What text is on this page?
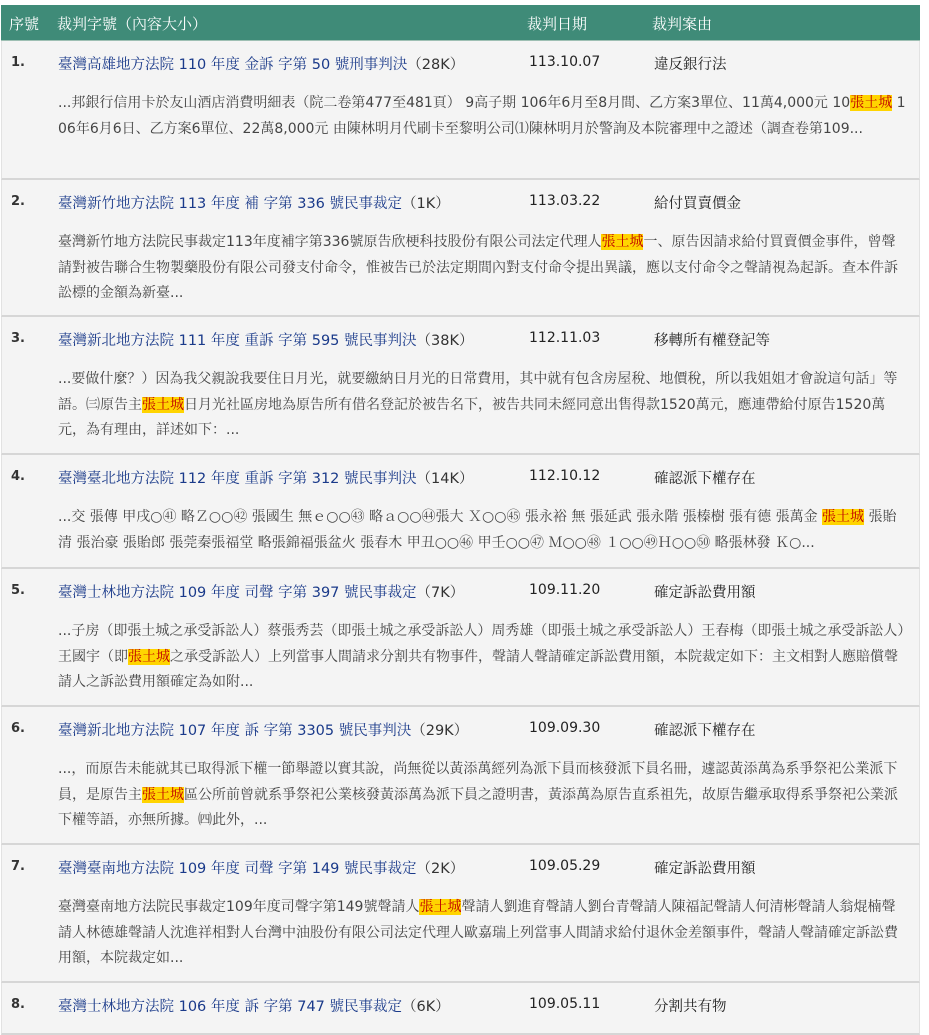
序號 裁判字號（內容大小）	裁判日期	裁判案由
1. 臺灣高雄地方法院 110 年度 金訴 字第 50 號刑事判決（28K）	113.10.07	違反銀行法
...邦銀行信用卡於友山酒店消費明細表（院二卷第477至481頁） 9高子期 106年6月至8月間、乙方案3單位、11萬4,000元 10張土城 106年6月6日、乙方案6單位、22萬8,000元 由陳林明月代刷卡至黎明公司⑴陳林明月於警詢及本院審理中之證述（調查卷第109...
2. 臺灣新竹地方法院 113 年度 補 字第 336 號民事裁定（1K）	113.03.22	給付買賣價金
臺灣新竹地方法院民事裁定113年度補字第336號原告欣梗科技股份有限公司法定代理人張土城一、原告因請求給付買賣價金事件，曾聲請對被告聯合生物製藥股份有限公司發支付命令，惟被告已於法定期間內對支付命令提出異議，應以支付命令之聲請視為起訴。查本件訴訟標的金額為新臺...
3. 臺灣新北地方法院 111 年度 重訴 字第 595 號民事判決（38K）	112.11.03	移轉所有權登記等
...要做什麼？）因為我父親說我要住日月光，就要繳納日月光的日常費用，其中就有包含房屋稅、地價稅，所以我姐姐才會說這句話」等語。㈢原告主張土城日月光社區房地為原告所有借名登記於被告名下，被告共同未經同意出售得款1520萬元，應連帶給付原告1520萬元，為有理由，詳述如下：...
4. 臺灣臺北地方法院 112 年度 重訴 字第 312 號民事判決（14K）	112.10.12	確認派下權存在
...交 張傳 甲戌○㊶ 略Ｚ○○㊷ 張國生 無ｅ○○㊸ 略ａ○○㊹張大 Ｘ○○㊺ 張永裕 無 張延武 張永階 張榛樹 張有德 張萬金 張土城 張貽清 張治豪 張貽郎 張莞秦張福堂 略張錦福張盆火 張春木 甲丑○○㊻ 甲壬○○㊼ Ｍ○○㊽ １○○㊾Ｈ○○㊿ 略張林發 Ｋ○...
5. 臺灣士林地方法院 109 年度 司聲 字第 397 號民事裁定（7K）	109.11.20	確定訴訟費用額
...子房（即張土城之承受訴訟人）蔡張秀芸（即張土城之承受訴訟人）周秀雄（即張土城之承受訴訟人）王春梅（即張土城之承受訴訟人）王國宇（即張土城之承受訴訟人）上列當事人間請求分割共有物事件，聲請人聲請確定訴訟費用額，本院裁定如下：主文相對人應賠償聲請人之訴訟費用額確定為如附...
6. 臺灣新北地方法院 107 年度 訴 字第 3305 號民事判決（29K）	109.09.30	確認派下權存在
...，而原告未能就其已取得派下權一節舉證以實其說，尚無從以黃添萬經列為派下員而核發派下員名冊，遽認黃添萬為系爭祭祀公業派下員，是原告主張土城區公所前曾就系爭祭祀公業核發黃添萬為派下員之證明書，黃添萬為原告直系祖先，故原告繼承取得系爭祭祀公業派下權等語，亦無所據。㈣此外，...
7. 臺灣臺南地方法院 109 年度 司聲 字第 149 號民事裁定（2K）	109.05.29	確定訴訟費用額
臺灣臺南地方法院民事裁定109年度司聲字第149號聲請人張土城聲請人劉進育聲請人劉台青聲請人陳福記聲請人何清彬聲請人翁焜楠聲請人林德雄聲請人沈進祥相對人台灣中油股份有限公司法定代理人歐嘉瑞上列當事人間請求給付退休金差額事件，聲請人聲請確定訴訟費用額，本院裁定如...
8. 臺灣士林地方法院 106 年度 訴 字第 747 號民事裁定（6K）	109.05.11	分割共有物
